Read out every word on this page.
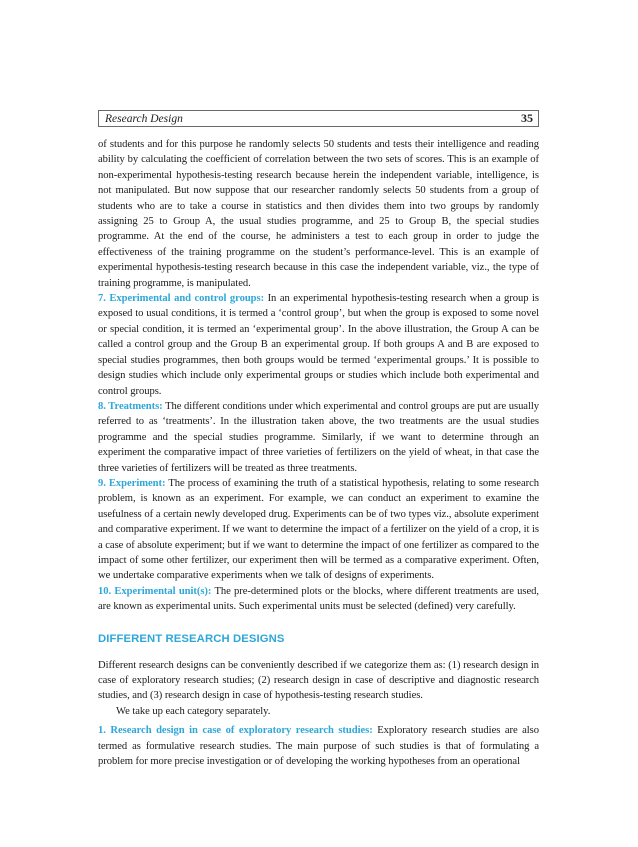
Research Design	35

of students and for this purpose he randomly selects 50 students and tests their intelligence and reading ability by calculating the coefficient of correlation between the two sets of scores. This is an example of non-experimental hypothesis-testing research because herein the independent variable, intelligence, is not manipulated. But now suppose that our researcher randomly selects 50 students from a group of students who are to take a course in statistics and then divides them into two groups by randomly assigning 25 to Group A, the usual studies programme, and 25 to Group B, the special studies programme. At the end of the course, he administers a test to each group in order to judge the effectiveness of the training programme on the student’s performance-level. This is an example of experimental hypothesis-testing research because in this case the independent variable, viz., the type of training programme, is manipulated.

7. Experimental and control groups: In an experimental hypothesis-testing research when a group is exposed to usual conditions, it is termed a ‘control group’, but when the group is exposed to some novel or special condition, it is termed an ‘experimental group’. In the above illustration, the Group A can be called a control group and the Group B an experimental group. If both groups A and B are exposed to special studies programmes, then both groups would be termed ‘experimental groups.’ It is possible to design studies which include only experimental groups or studies which include both experimental and control groups.

8. Treatments: The different conditions under which experimental and control groups are put are usually referred to as ‘treatments’. In the illustration taken above, the two treatments are the usual studies programme and the special studies programme. Similarly, if we want to determine through an experiment the comparative impact of three varieties of fertilizers on the yield of wheat, in that case the three varieties of fertilizers will be treated as three treatments.

9. Experiment: The process of examining the truth of a statistical hypothesis, relating to some research problem, is known as an experiment. For example, we can conduct an experiment to examine the usefulness of a certain newly developed drug. Experiments can be of two types viz., absolute experiment and comparative experiment. If we want to determine the impact of a fertilizer on the yield of a crop, it is a case of absolute experiment; but if we want to determine the impact of one fertilizer as compared to the impact of some other fertilizer, our experiment then will be termed as a comparative experiment. Often, we undertake comparative experiments when we talk of designs of experiments.

10. Experimental unit(s): The pre-determined plots or the blocks, where different treatments are used, are known as experimental units. Such experimental units must be selected (defined) very carefully.

DIFFERENT RESEARCH DESIGNS

Different research designs can be conveniently described if we categorize them as: (1) research design in case of exploratory research studies; (2) research design in case of descriptive and diagnostic research studies, and (3) research design in case of hypothesis-testing research studies.

We take up each category separately.

1. Research design in case of exploratory research studies: Exploratory research studies are also termed as formulative research studies. The main purpose of such studies is that of formulating a problem for more precise investigation or of developing the working hypotheses from an operational
